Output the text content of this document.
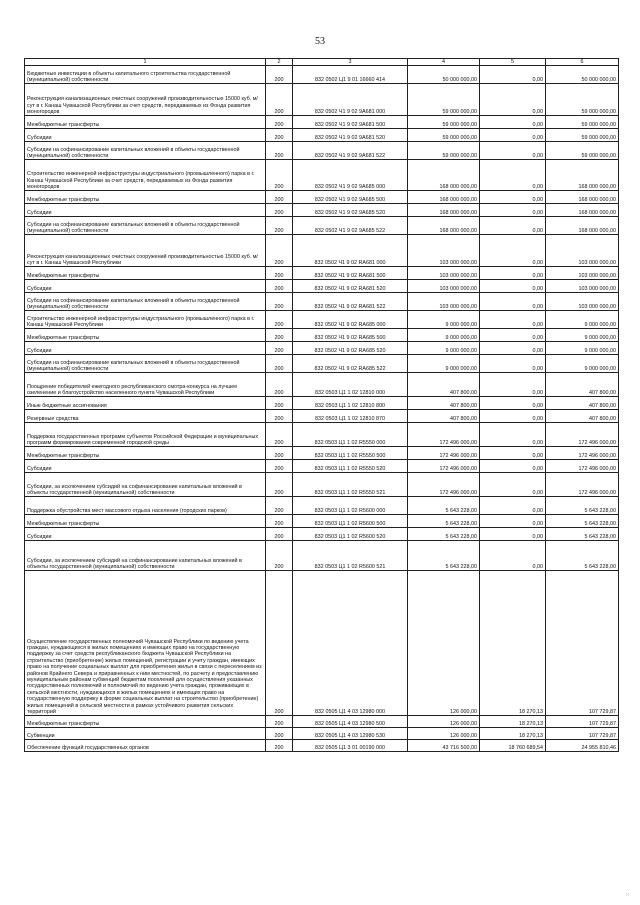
53
1	2	3	4	5	6
Бюджетные инвестиции в объекты капитального строительства государственной (муниципальной) собственности	200	832 0502 Ц1 9 01 16660 414	50 000 000,00	0,00	50 000 000,00
Реконструкция канализационных очистных сооружений производительностью 15000 куб. м/сут в г. Канаш Чувашской Республики за счет средств, передаваемых из Фонда развития моногородов	200	832 0502 Ч1 9 02 9А681 000	59 000 000,00	0,00	59 000 000,00
Межбюджетные трансферты	200	832 0502 Ч1 9 02 9А681 500	59 000 000,00	0,00	59 000 000,00
Субсидии	200	832 0502 Ч1 9 02 9А681 520	59 000 000,00	0,00	59 000 000,00
Субсидии на софинансирование капитальных вложений в объекты государственной (муниципальной) собственности	200	832 0502 Ч1 9 02 9А681 522	59 000 000,00	0,00	59 000 000,00
Строительство инженерной инфраструктуры индустриального (промышленного) парка в г. Канаш Чувашской Республики за счет средств, передаваемых из Фонда развития моногородов	200	832 0502 Ч1 9 02 9А685 000	168 000 000,00	0,00	168 000 000,00
Межбюджетные трансферты	200	832 0502 Ч1 9 02 9А685 500	168 000 000,00	0,00	168 000 000,00
Субсидии	200	832 0502 Ч1 9 02 9А685 520	168 000 000,00	0,00	168 000 000,00
Субсидии на софинансирование капитальных вложений в объекты государственной (муниципальной) собственности	200	832 0502 Ч1 9 02 9А685 522	168 000 000,00	0,00	168 000 000,00
Реконструкция канализационных очистных сооружений производительностью 15000 куб. м/сут в г. Канаш Чувашской Республики	200	832 0502 Ч1 9 02 RA681 000	103 000 000,00	0,00	103 000 000,00
Межбюджетные трансферты	200	832 0502 Ч1 9 02 RA681 500	103 000 000,00	0,00	103 000 000,00
Субсидии	200	832 0502 Ч1 9 02 RA681 520	103 000 000,00	0,00	103 000 000,00
Субсидии на софинансирование капитальных вложений в объекты государственной (муниципальной) собственности	200	832 0502 Ч1 9 02 RA681 522	103 000 000,00	0,00	103 000 000,00
Строительство инженерной инфраструктуры индустриального (промышленного) парка в г. Канаш Чувашской Республики	200	832 0502 Ч1 9 02 RA685 000	9 000 000,00	0,00	9 000 000,00
Межбюджетные трансферты	200	832 0502 Ч1 9 02 RA685 500	9 000 000,00	0,00	9 000 000,00
Субсидии	200	832 0502 Ч1 9 02 RA685 520	9 000 000,00	0,00	9 000 000,00
Субсидии на софинансирование капитальных вложений в объекты государственной (муниципальной) собственности	200	832 0502 Ч1 9 02 RA685 522	9 000 000,00	0,00	9 000 000,00
Поощрение победителей ежегодного республиканского смотра-конкурса на лучшее озеленение и благоустройство населенного пункта Чувашской Республики	200	832 0503 Ц1 1 02 12810 000	407 800,00	0,00	407 800,00
Иные бюджетные ассигнования	200	832 0503 Ц1 1 02 12810 800	407 800,00	0,00	407 800,00
Резервные средства	200	832 0503 Ц1 1 02 12810 870	407 800,00	0,00	407 800,00
Поддержка государственных программ субъектов Российской Федерации и муниципальных программ формирования современной городской среды	200	832 0503 Ц1 1 02 R5550 000	172 496 000,00	0,00	172 496 000,00
Межбюджетные трансферты	200	832 0503 Ц1 1 02 R5550 500	172 496 000,00	0,00	172 496 000,00
Субсидии	200	832 0503 Ц1 1 02 R5550 520	172 496 000,00	0,00	172 496 000,00
Субсидии, за исключением субсидий на софинансирование капитальных вложений в объекты государственной (муниципальной) собственности	200	832 0503 Ц1 1 02 R5550 521	172 496 000,00	0,00	172 496 000,00
Поддержка обустройства мест массового отдыха населения (городских парков)	200	832 0503 Ц1 1 02 R5600 000	5 643 228,00	0,00	5 643 228,00
Межбюджетные трансферты	200	832 0503 Ц1 1 02 R5600 500	5 643 228,00	0,00	5 643 228,00
Субсидии	200	832 0503 Ц1 1 02 R5600 520	5 643 228,00	0,00	5 643 228,00
Субсидии, за исключением субсидий на софинансирование капитальных вложений в объекты государственной (муниципальной) собственности	200	832 0503 Ц1 1 02 R5600 521	5 643 228,00	0,00	5 643 228,00
Осуществление государственных полномочий Чувашской Республики по ведению учета граждан, нуждающихся в жилых помещениях и имеющих право на государственную поддержку за счет средств республиканского бюджета Чувашской Республики на строительство (приобретение) жилых помещений, регистрации и учету граждан, имеющих право на получение социальных выплат для приобретения жилья в связи с переселением из районов Крайнего Севера и приравненных к ним местностей, по расчету и предоставлению муниципальным районам субвенций бюджетам поселений для осуществления указанных государственных полномочий и полномочий по ведению учета граждан, проживающих в сельской местности, нуждающихся в жилых помещениях и имеющих право на государственную поддержку в форме социальных выплат на строительство (приобретение) жилых помещений в сельской местности в рамках устойчивого развития сельских территорий	200	832 0505 Ц1 4 03 12980 000	126 000,00	18 270,13	107 729,87
Межбюджетные трансферты	200	832 0505 Ц1 4 03 12980 500	126 000,00	18 270,13	107 729,87
Субвенции	200	832 0505 Ц1 4 03 12980 530	126 000,00	18 270,13	107 729,87
Обеспечение функций государственных органов	200	832 0505 Ц1 3 01 00190 000	43 716 500,00	18 760 689,54	24 955 810,46
⁙
